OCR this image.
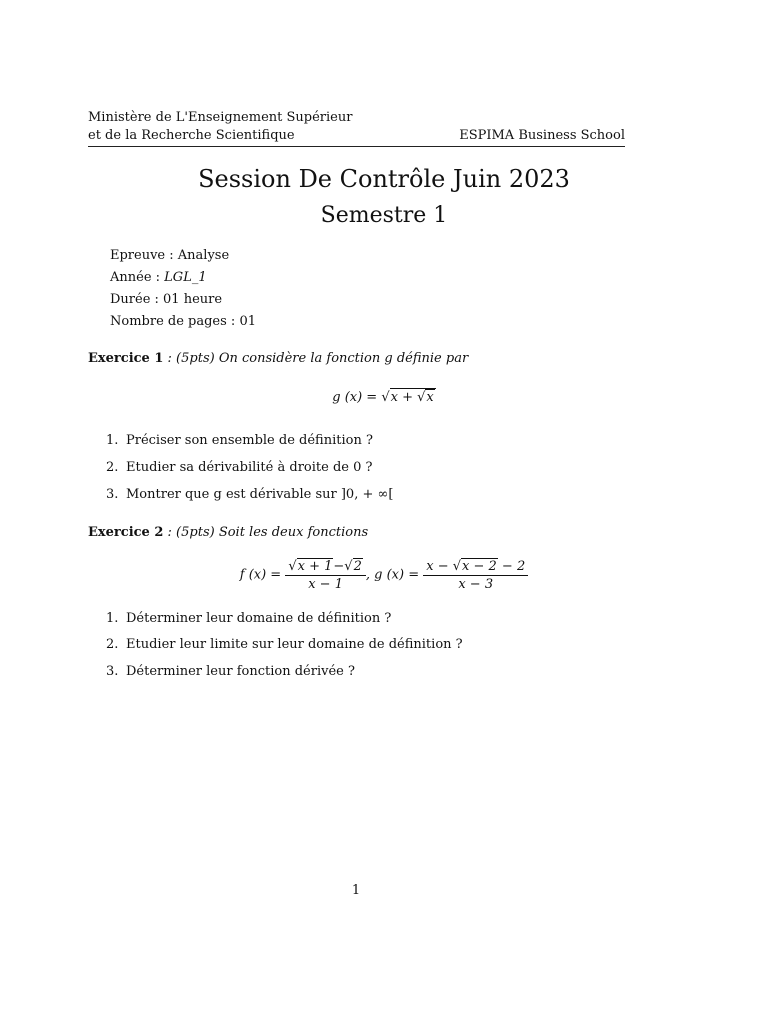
Ministère de L'Enseignement Supérieur
et de la Recherche Scientifique	ESPIMA Business School
Session De Contrôle Juin 2023
Semestre 1
Epreuve : Analyse
Année : LGL_1
Durée : 01 heure
Nombre de pages : 01
Exercice 1 : (5pts) On considère la fonction g définie par
g (x) = √x + √x
1. Préciser son ensemble de définition ?
2. Etudier sa dérivabilité à droite de 0 ?
3. Montrer que g est dérivable sur ]0, + ∞[
Exercice 2 : (5pts) Soit les deux fonctions
f $(x) = \frac{√x + 1-√2}{x - 1}$ , g $(x) = \frac{x - √x - 2 - 2}{x - 3}$
1. Déterminer leur domaine de définition ?
2. Etudier leur limite sur leur domaine de définition ?
3. Déterminer leur fonction dérivée ?
1
